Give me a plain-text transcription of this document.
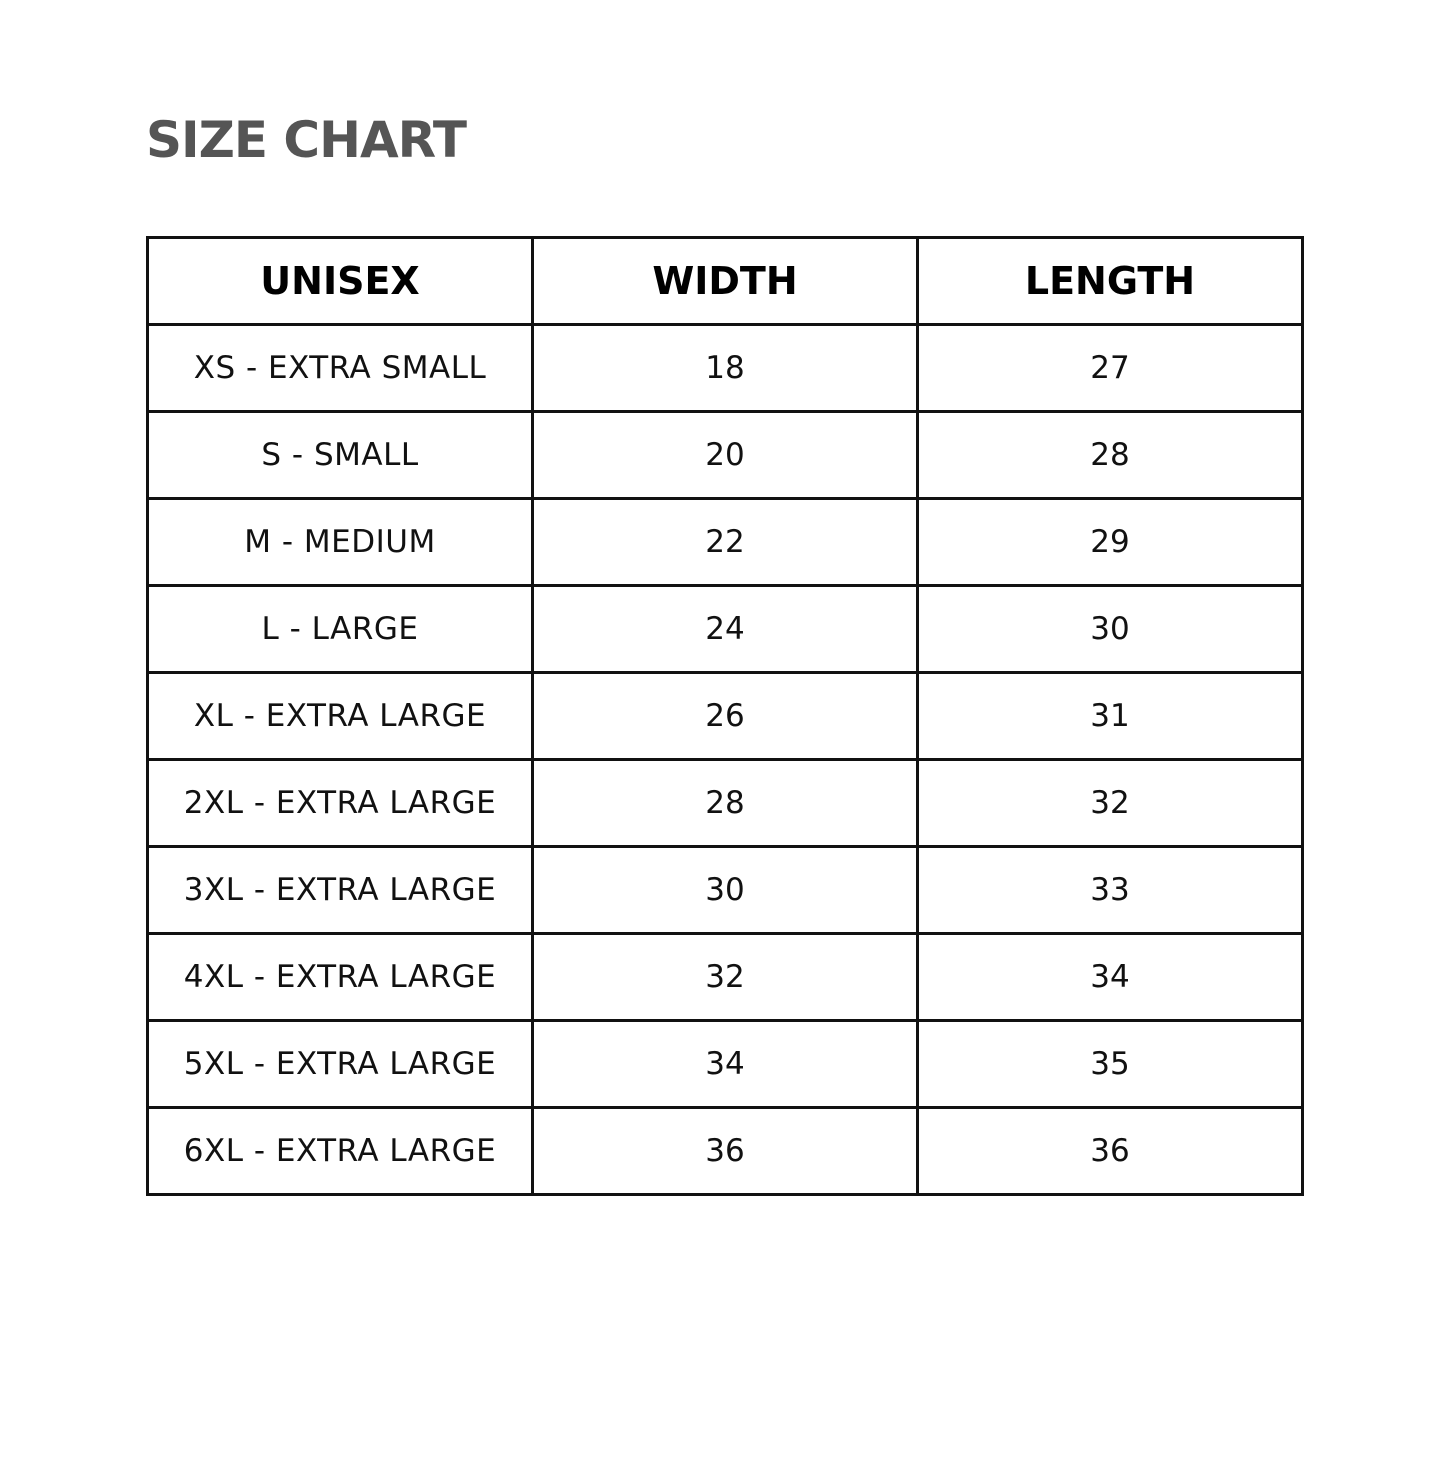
SIZE CHART
UNISEX	WIDTH	LENGTH
XS - EXTRA SMALL	18	27
S - SMALL	20	28
M - MEDIUM	22	29
L - LARGE	24	30
XL - EXTRA LARGE	26	31
2XL - EXTRA LARGE	28	32
3XL - EXTRA LARGE	30	33
4XL - EXTRA LARGE	32	34
5XL - EXTRA LARGE	34	35
6XL - EXTRA LARGE	36	36
